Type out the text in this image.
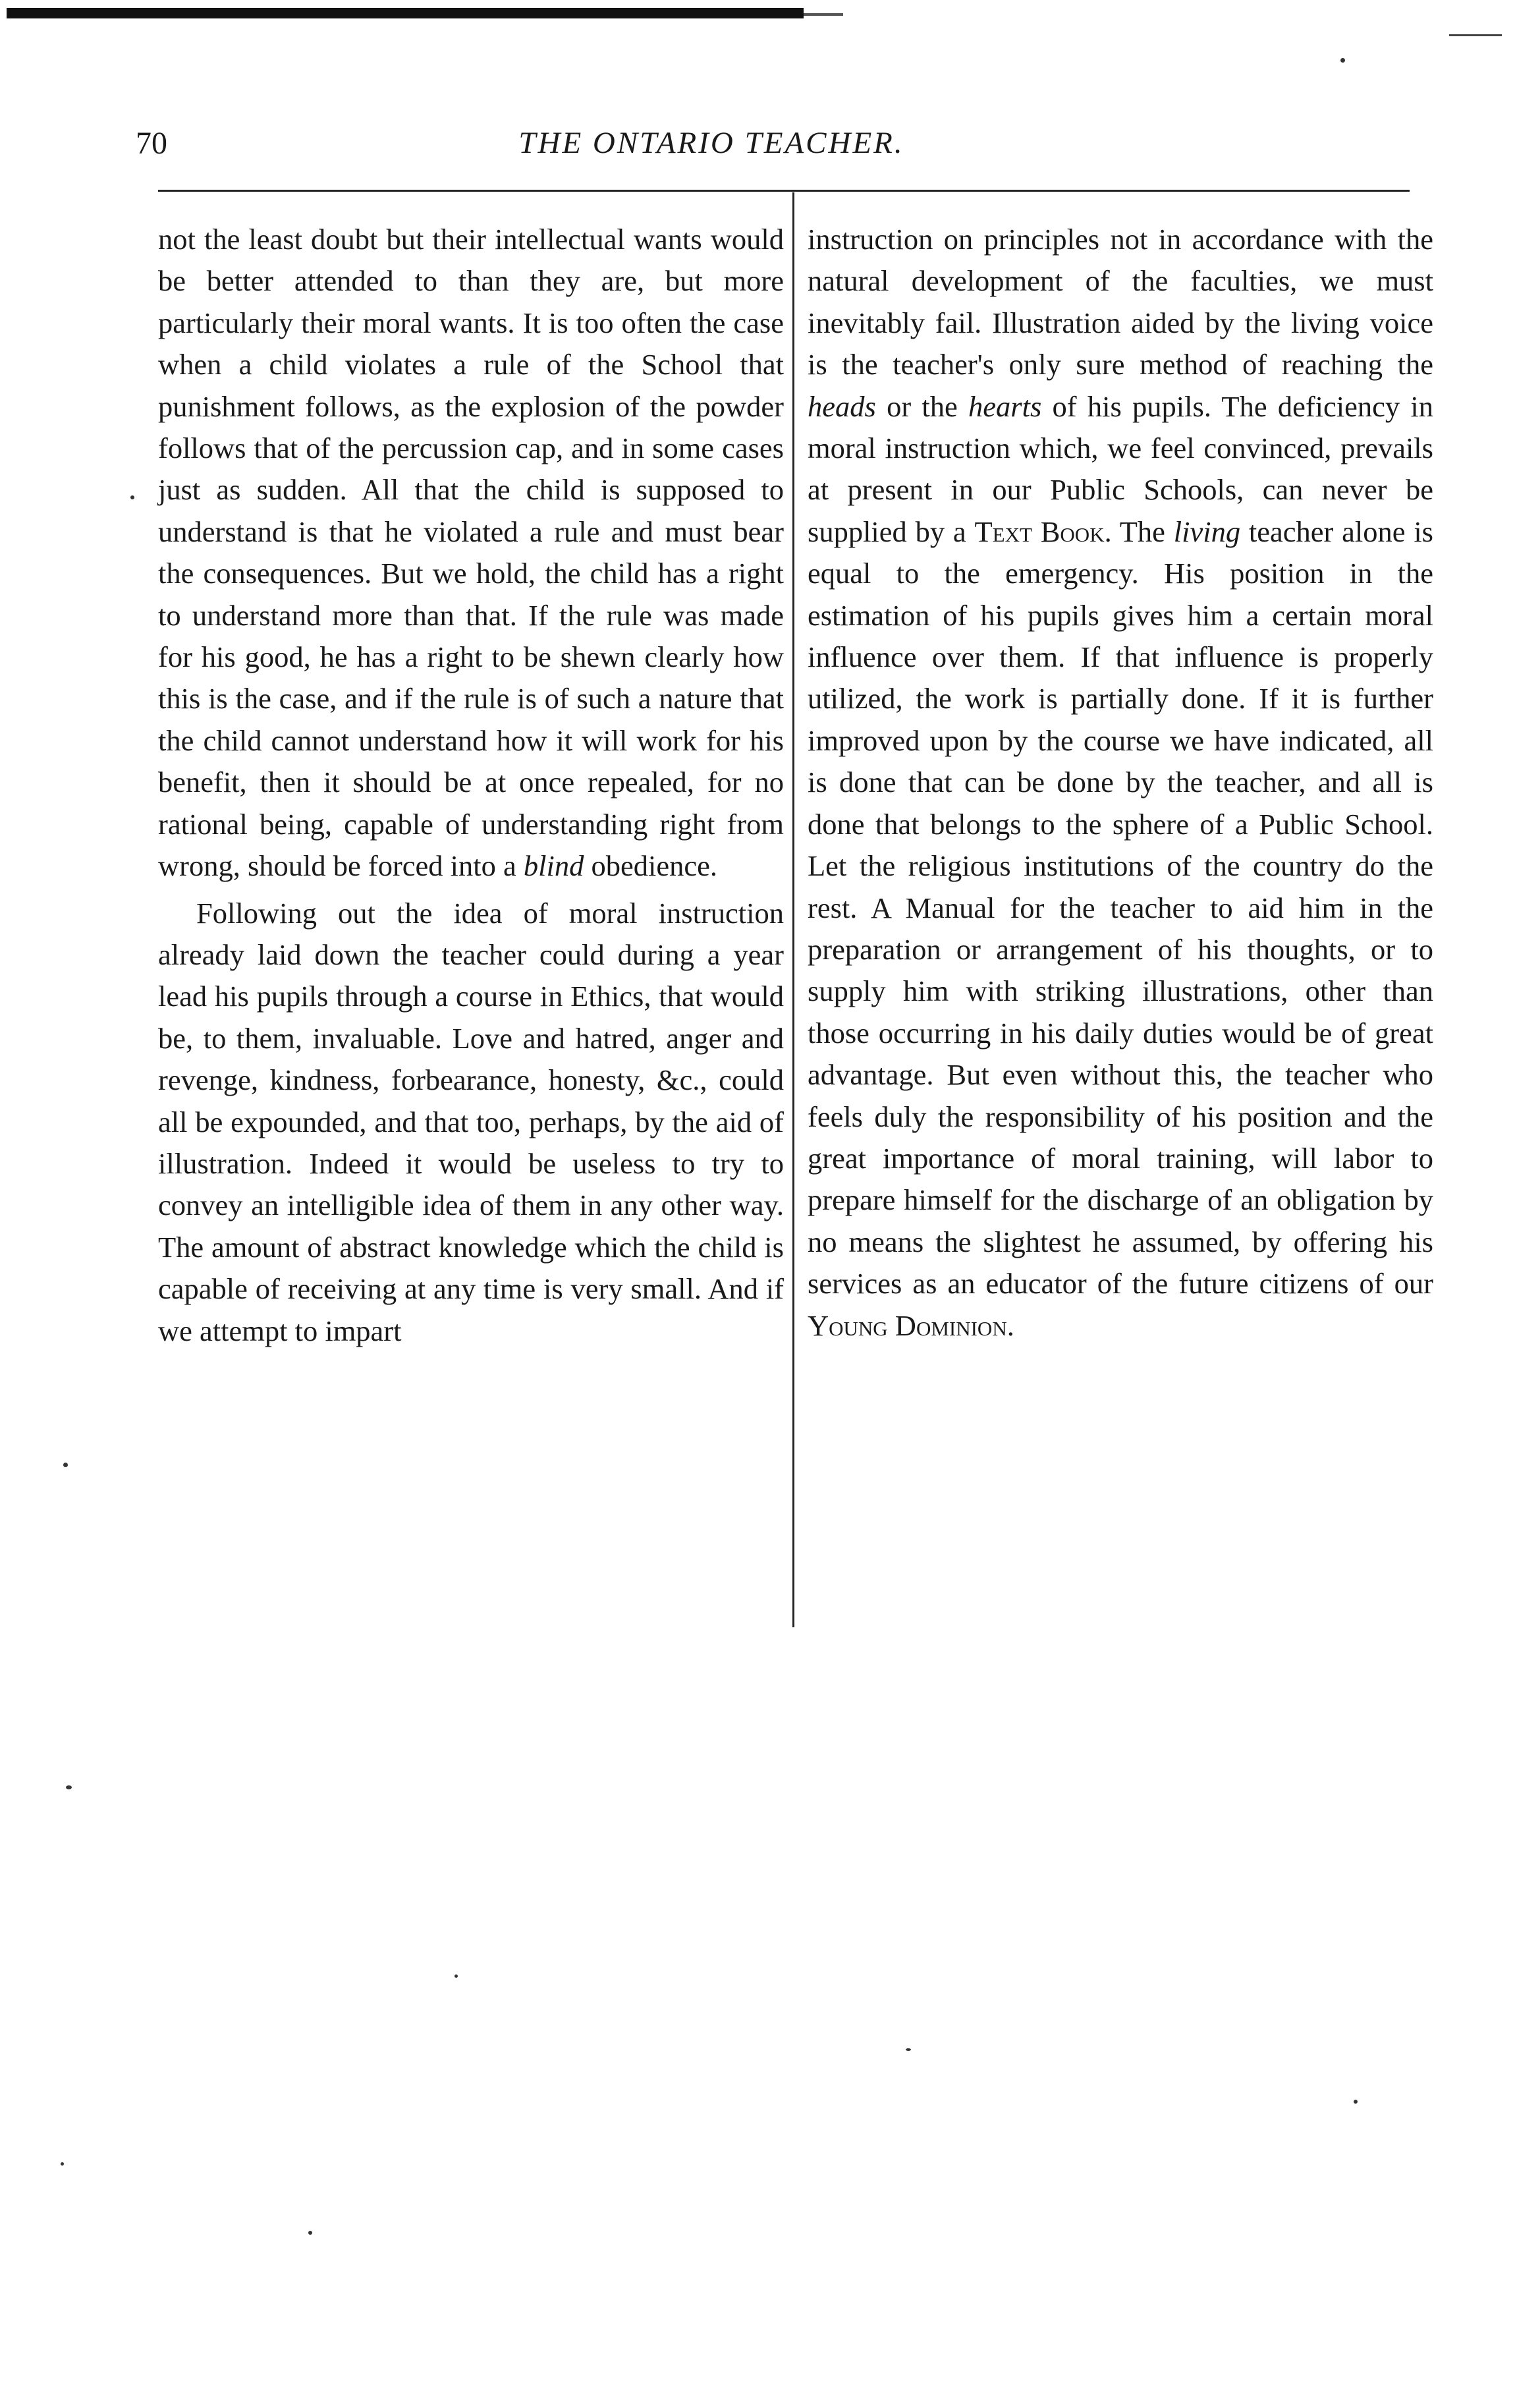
70	THE ONTARIO TEACHER.

not the least doubt but their intellectual wants would be better attended to than they are, but more particularly their moral wants. It is too often the case when a child violates a rule of the School that punishment follows, as the explosion of the powder follows that of the percussion cap, and in some cases just as sudden. All that the child is supposed to understand is that he violated a rule and must bear the consequences. But we hold, the child has a right to understand more than that. If the rule was made for his good, he has a right to be shewn clearly how this is the case, and if the rule is of such a nature that the child cannot understand how it will work for his benefit, then it should be at once repealed, for no rational being, capable of understanding right from wrong, should be forced into a blind obedience.

Following out the idea of moral instruction already laid down the teacher could during a year lead his pupils through a course in Ethics, that would be, to them, invaluable. Love and hatred, anger and revenge, kindness, forbearance, honesty, &c., could all be expounded, and that too, perhaps, by the aid of illustration. Indeed it would be useless to try to convey an intelligible idea of them in any other way. The amount of abstract knowledge which the child is capable of receiving at any time is very small. And if we attempt to impart

instruction on principles not in accordance with the natural development of the faculties, we must inevitably fail. Illustration aided by the living voice is the teacher's only sure method of reaching the heads or the hearts of his pupils. The deficiency in moral instruction which, we feel convinced, prevails at present in our Public Schools, can never be supplied by a Text Book. The living teacher alone is equal to the emergency. His position in the estimation of his pupils gives him a certain moral influence over them. If that influence is properly utilized, the work is partially done. If it is further improved upon by the course we have indicated, all is done that can be done by the teacher, and all is done that belongs to the sphere of a Public School. Let the religious institutions of the country do the rest. A Manual for the teacher to aid him in the preparation or arrangement of his thoughts, or to supply him with striking illustrations, other than those occurring in his daily duties would be of great advantage. But even without this, the teacher who feels duly the responsibility of his position and the great importance of moral training, will labor to prepare himself for the discharge of an obligation by no means the slightest he assumed, by offering his services as an educator of the future citizens of our Young Dominion.
